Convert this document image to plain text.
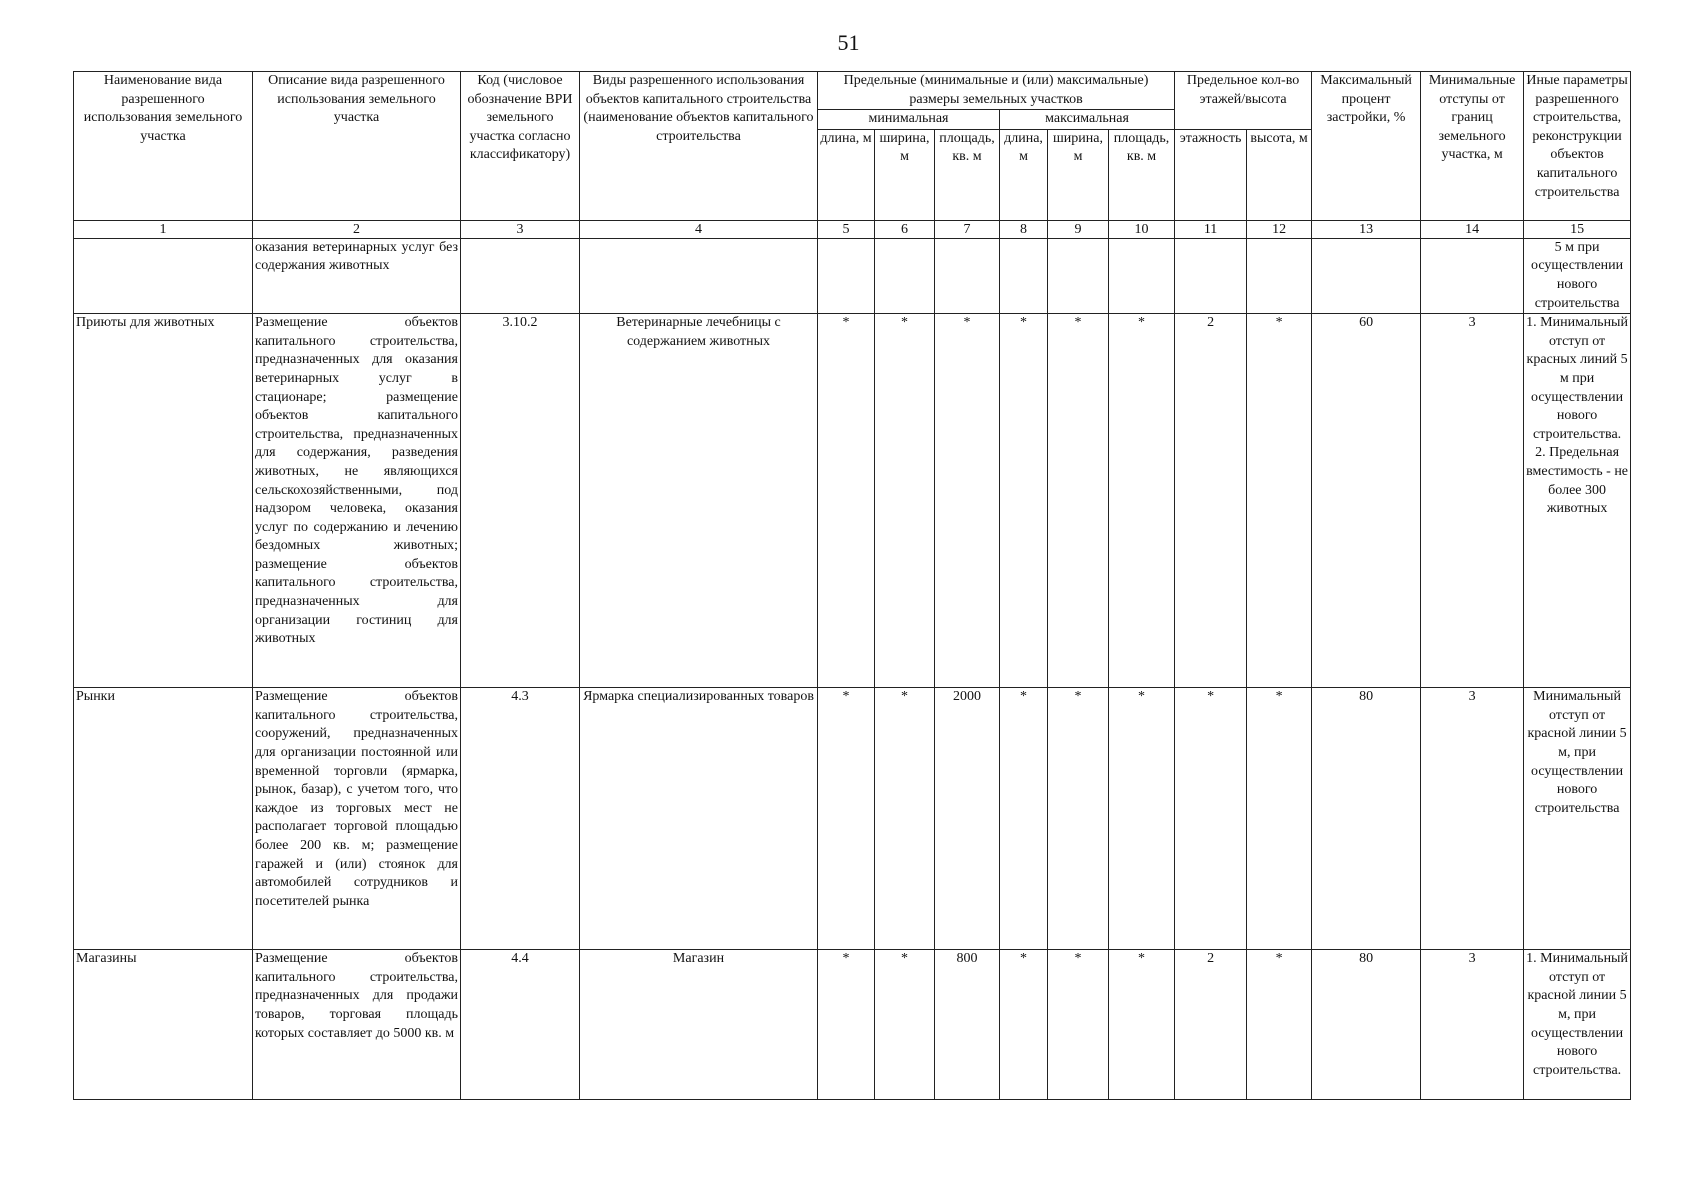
51
Наименование вида разрешенного использования земельного участка	Описание вида разрешенного использования земельного участка	Код (числовое обозначение ВРИ земельного участка согласно классификатору)	Виды разрешенного использования объектов капитального строительства (наименование объектов капитального строительства	Предельные (минимальные и (или) максимальные) размеры земельных участков						Предельное кол-во этажей/высота		Максимальный процент застройки, %	Минимальные отступы от границ земельного участка, м	Иные параметры разрешенного строительства, реконструкции объектов капитального строительства
				минимальная			максимальная							
				длина, м	ширина, м	площадь, кв. м	длина, м	ширина, м	площадь, кв. м	этажность	высота, м			
1	2	3	4	5	6	7	8	9	10	11	12	13	14	15
	оказания ветеринарных услуг без содержания животных													5 м при осуществлении нового строительства
Приюты для животных	Размещение объектов капитального строительства, предназначенных для оказания ветеринарных услуг в стационаре; размещение объектов капитального строительства, предназначенных для содержания, разведения животных, не являющихся сельскохозяйственными, под надзором человека, оказания услуг по содержанию и лечению бездомных животных; размещение объектов капитального строительства, предназначенных для организации гостиниц для животных	3.10.2	Ветеринарные лечебницы с содержанием животных	*	*	*	*	*	*	2	*	60	3	1. Минимальный отступ от красных линий 5 м при осуществлении нового строительства. 2. Предельная вместимость - не более 300 животных
Рынки	Размещение объектов капитального строительства, сооружений, предназначенных для организации постоянной или временной торговли (ярмарка, рынок, базар), с учетом того, что каждое из торговых мест не располагает торговой площадью более 200 кв. м; размещение гаражей и (или) стоянок для автомобилей сотрудников и посетителей рынка	4.3	Ярмарка специализированных товаров	*	*	2000	*	*	*	*	*	80	3	Минимальный отступ от красной линии 5 м, при осуществлении нового строительства
Магазины	Размещение объектов капитального строительства, предназначенных для продажи товаров, торговая площадь которых составляет до 5000 кв. м	4.4	Магазин	*	*	800	*	*	*	2	*	80	3	1. Минимальный отступ от красной линии 5 м, при осуществлении нового строительства.
